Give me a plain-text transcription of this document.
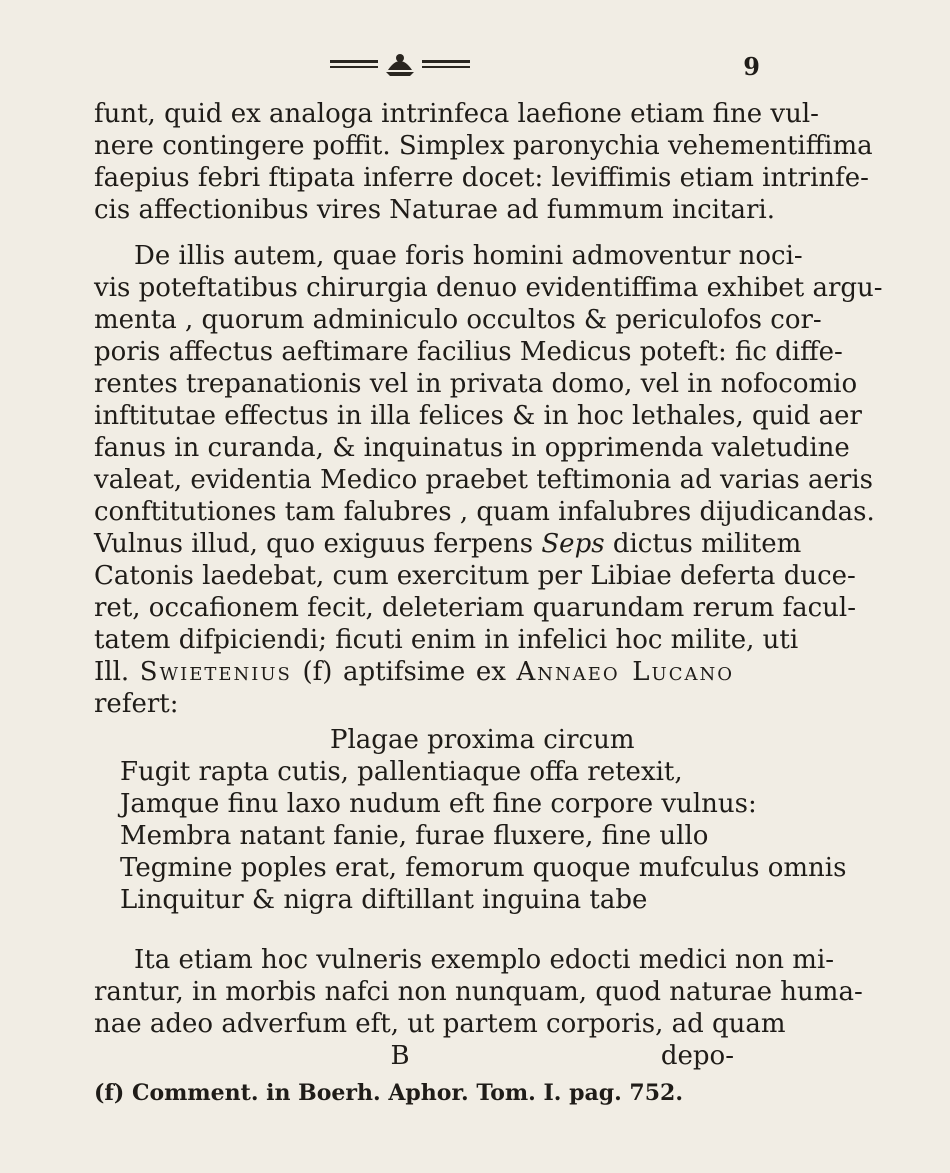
9
funt, quid ex analoga intrinfeca laefione etiam fine vul-
nere contingere poffit. Simplex paronychia vehementiffima
faepius febri ftipata inferre docet: leviffimis etiam intrinfe-
cis affectionibus vires Naturae ad fummum incitari.
De illis autem, quae foris homini admoventur noci-
vis poteftatibus chirurgia denuo evidentiffima exhibet argu-
menta , quorum adminiculo occultos & periculofos cor-
poris affectus aeftimare facilius Medicus poteft: fic diffe-
rentes trepanationis vel in privata domo, vel in nofocomio
inftitutae effectus in illa felices & in hoc lethales, quid aer
fanus in curanda, & inquinatus in opprimenda valetudine
valeat, evidentia Medico praebet teftimonia ad varias aeris
conftitutiones tam falubres , quam infalubres dijudicandas.
Vulnus illud, quo exiguus ferpens Seps dictus militem
Catonis laedebat, cum exercitum per Libiae deferta duce-
ret, occafionem fecit, deleteriam quarundam rerum facul-
tatem difpiciendi; ficuti enim in infelici hoc milite, uti
Ill. Swietenius (f) aptifsime ex Annaeo Lucano
refert:
Plagae proxima circum
Fugit rapta cutis, pallentiaque offa retexit,
Jamque finu laxo nudum eft fine corpore vulnus:
Membra natant fanie, furae fluxere, fine ullo
Tegmine poples erat, femorum quoque mufculus omnis
Linquitur & nigra diftillant inguina tabe
Ita etiam hoc vulneris exemplo edocti medici non mi-
rantur, in morbis nafci non nunquam, quod naturae huma-
nae adeo adverfum eft, ut partem corporis, ad quam
B	depo-
(f) Comment. in Boerh. Aphor. Tom. I. pag. 752.
